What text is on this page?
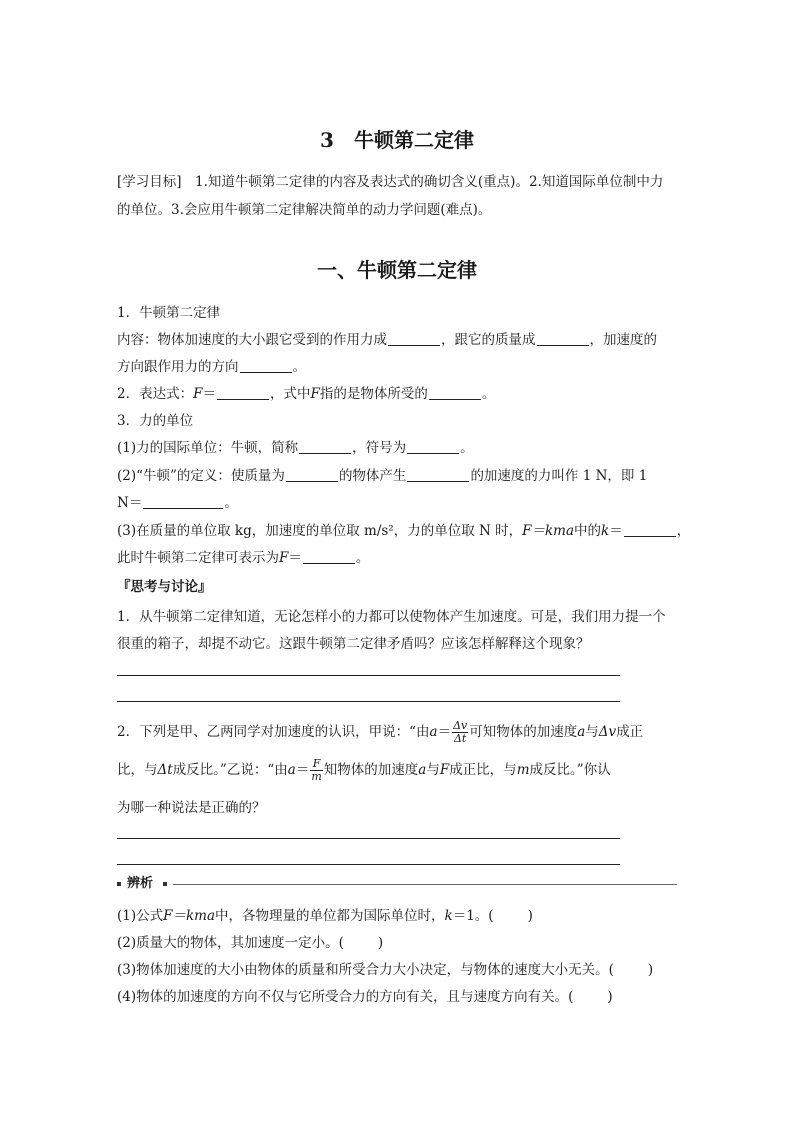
3　牛顿第二定律
[学习目标]　1.知道牛顿第二定律的内容及表达式的确切含义(重点)。2.知道国际单位制中力
的单位。3.会应用牛顿第二定律解决简单的动力学问题(难点)。
一、牛顿第二定律
1．牛顿第二定律
内容：物体加速度的大小跟它受到的作用力成	，跟它的质量成	，加速度的
方向跟作用力的方向	。
2．表达式：F＝	，式中F指的是物体所受的	。
3．力的单位
(1)力的国际单位：牛顿，简称	，符号为	。
(2)“牛顿”的定义：使质量为	的物体产生	的加速度的力叫作 1 N，即 1
N＝	。
(3)在质量的单位取 kg，加速度的单位取 m/s²，力的单位取 N 时，F＝kma中的k＝	，
此时牛顿第二定律可表示为F＝	。
『思考与讨论』
1．从牛顿第二定律知道，无论怎样小的力都可以使物体产生加速度。可是，我们用力提一个
很重的箱子，却提不动它。这跟牛顿第二定律矛盾吗？应该怎样解释这个现象？
2．下列是甲、乙两同学对加速度的认识，甲说：“由$a= \frac{\Delta v}{\Delta t}$ 可知物体的加速度a与Δv成正
比，与Δt成反比。”乙说：“由$a= \frac{F}{m}$ 知物体的加速度a与F成正比，与m成反比。”你认
为哪一种说法是正确的？
辨析
(1)公式F＝kma中，各物理量的单位都为国际单位时，k＝1。(	)
(2)质量大的物体，其加速度一定小。(	)
(3)物体加速度的大小由物体的质量和所受合力大小决定，与物体的速度大小无关。(	)
(4)物体的加速度的方向不仅与它所受合力的方向有关，且与速度方向有关。(	)
